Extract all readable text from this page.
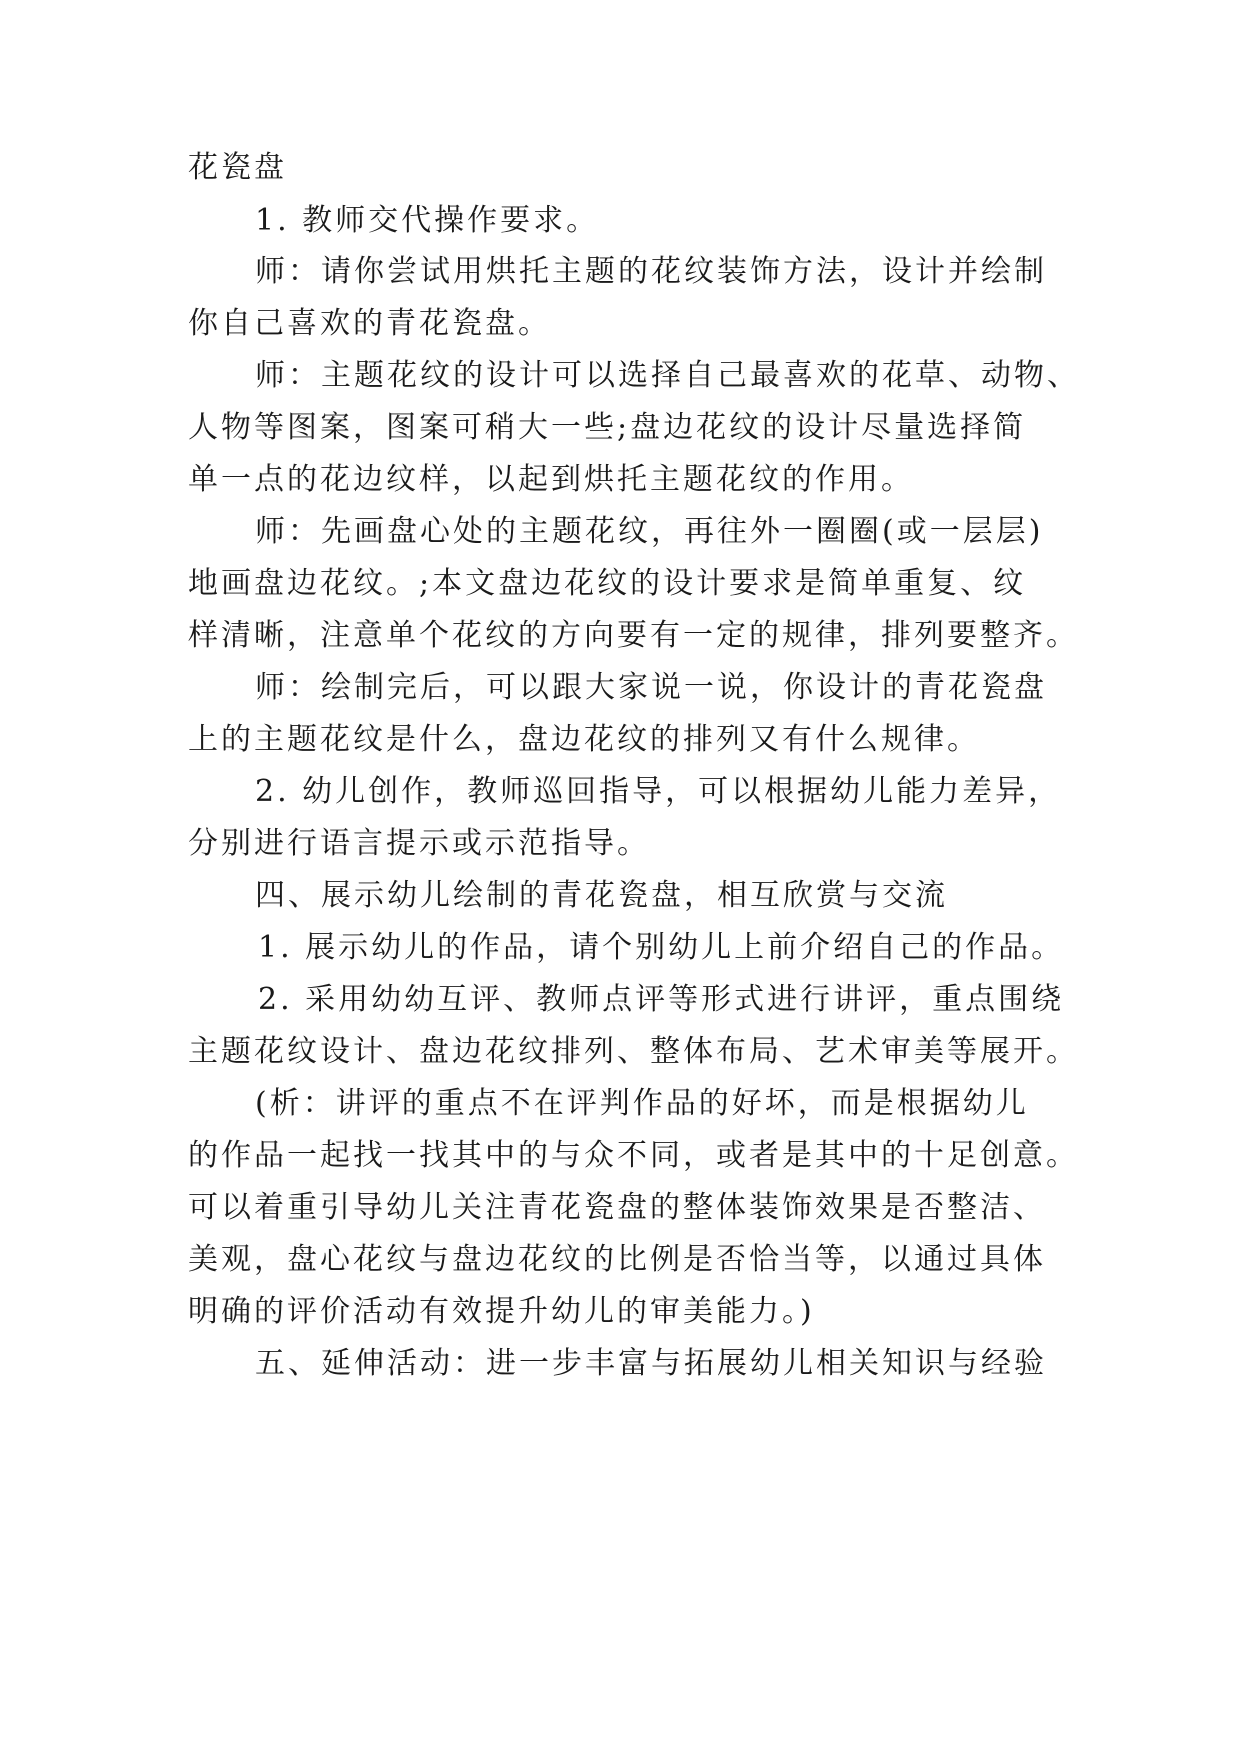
花瓷盘
1. 教师交代操作要求。
师：请你尝试用烘托主题的花纹装饰方法，设计并绘制
你自己喜欢的青花瓷盘。
师：主题花纹的设计可以选择自己最喜欢的花草、动物、
人物等图案，图案可稍大一些;盘边花纹的设计尽量选择简
单一点的花边纹样，以起到烘托主题花纹的作用。
师：先画盘心处的主题花纹，再往外一圈圈(或一层层)
地画盘边花纹。;本文盘边花纹的设计要求是简单重复、纹
样清晰，注意单个花纹的方向要有一定的规律，排列要整齐。
师：绘制完后，可以跟大家说一说，你设计的青花瓷盘
上的主题花纹是什么，盘边花纹的排列又有什么规律。
2. 幼儿创作，教师巡回指导，可以根据幼儿能力差异，
分别进行语言提示或示范指导。
四、展示幼儿绘制的青花瓷盘，相互欣赏与交流
1. 展示幼儿的作品，请个别幼儿上前介绍自己的作品。
2. 采用幼幼互评、教师点评等形式进行讲评，重点围绕
主题花纹设计、盘边花纹排列、整体布局、艺术审美等展开。
(析：讲评的重点不在评判作品的好坏，而是根据幼儿
的作品一起找一找其中的与众不同，或者是其中的十足创意。
可以着重引导幼儿关注青花瓷盘的整体装饰效果是否整洁、
美观，盘心花纹与盘边花纹的比例是否恰当等，以通过具体
明确的评价活动有效提升幼儿的审美能力。)
五、延伸活动：进一步丰富与拓展幼儿相关知识与经验
